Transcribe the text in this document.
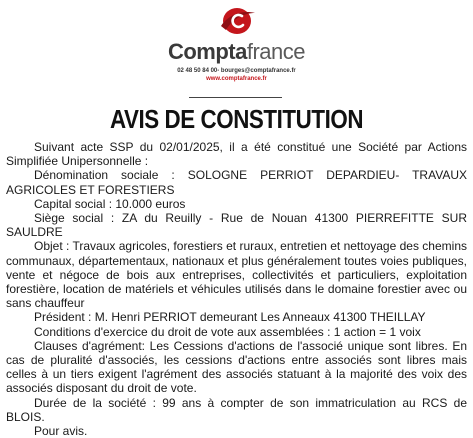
Comptafrance
02 48 50 84 00- bourges@comptafrance.fr
www.comptafrance.fr
AVIS DE CONSTITUTION

Suivant acte SSP du 02/01/2025, il a été constitué une Société par Actions Simplifiée Unipersonnelle :

Dénomination sociale : SOLOGNE PERRIOT DEPARDIEU- TRAVAUX AGRICOLES ET FORESTIERS

Capital social : 10.000 euros

Siège social : ZA du Reuilly - Rue de Nouan 41300 PIERREFITTE SUR SAULDRE

Objet : Travaux agricoles, forestiers et ruraux, entretien et nettoyage des chemins communaux, départementaux, nationaux et plus généralement toutes voies publiques, vente et négoce de bois aux entreprises, collectivités et particuliers, exploitation forestière, location de matériels et véhicules utilisés dans le domaine forestier avec ou sans chauffeur

Président : M. Henri PERRIOT demeurant Les Anneaux 41300 THEILLAY

Conditions d'exercice du droit de vote aux assemblées : 1 action = 1 voix

Clauses d'agrément: Les Cessions d'actions de l'associé unique sont libres. En cas de pluralité d'associés, les cessions d'actions entre associés sont libres mais celles à un tiers exigent l'agrément des associés statuant à la majorité des voix des associés disposant du droit de vote.

Durée de la société : 99 ans à compter de son immatriculation au RCS de BLOIS.

Pour avis.
